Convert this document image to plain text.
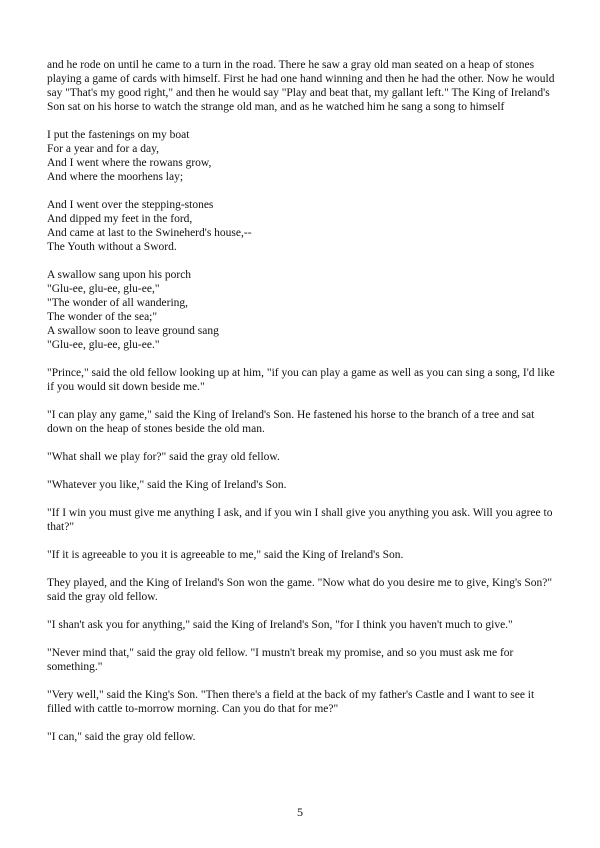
and he rode on until he came to a turn in the road. There he saw a gray old man seated on a heap of stones playing a game of cards with himself. First he had one hand winning and then he had the other. Now he would say "That's my good right," and then he would say "Play and beat that, my gallant left." The King of Ireland's Son sat on his horse to watch the strange old man, and as he watched him he sang a song to himself

I put the fastenings on my boat
For a year and for a day,
And I went where the rowans grow,
And where the moorhens lay;
And I went over the stepping-stones
And dipped my feet in the ford,
And came at last to the Swineherd's house,--
The Youth without a Sword.
A swallow sang upon his porch
"Glu-ee, glu-ee, glu-ee,"
"The wonder of all wandering,
The wonder of the sea;"
A swallow soon to leave ground sang
"Glu-ee, glu-ee, glu-ee."

"Prince," said the old fellow looking up at him, "if you can play a game as well as you can sing a song, I'd like if you would sit down beside me."

"I can play any game," said the King of Ireland's Son. He fastened his horse to the branch of a tree and sat down on the heap of stones beside the old man.

"What shall we play for?" said the gray old fellow.

"Whatever you like," said the King of Ireland's Son.

"If I win you must give me anything I ask, and if you win I shall give you anything you ask. Will you agree to that?"

"If it is agreeable to you it is agreeable to me," said the King of Ireland's Son.

They played, and the King of Ireland's Son won the game. "Now what do you desire me to give, King's Son?" said the gray old fellow.

"I shan't ask you for anything," said the King of Ireland's Son, "for I think you haven't much to give."

"Never mind that," said the gray old fellow. "I mustn't break my promise, and so you must ask me for something."

"Very well," said the King's Son. "Then there's a field at the back of my father's Castle and I want to see it filled with cattle to-morrow morning. Can you do that for me?"

"I can," said the gray old fellow.

5
